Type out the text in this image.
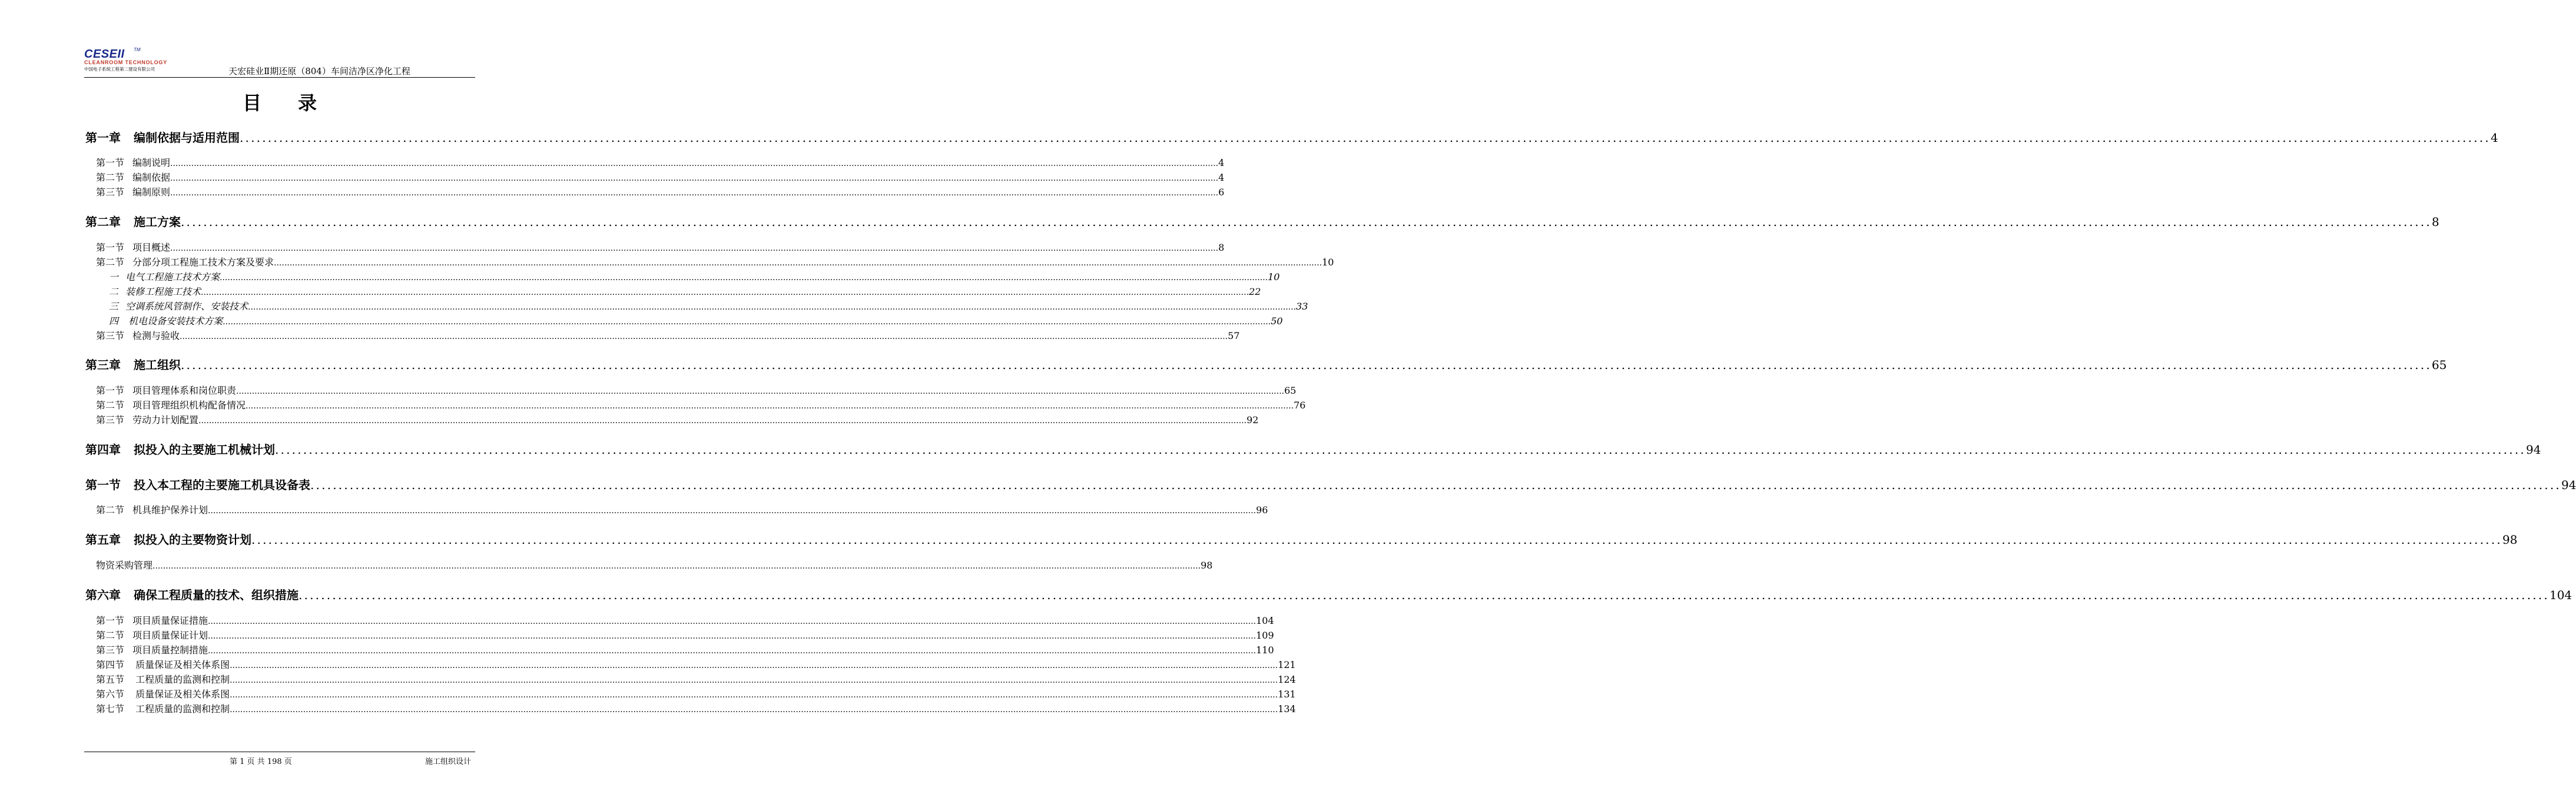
CESEII TM
CLEANROOM TECHNOLOGY
中国电子系统工程第二建设有限公司	天宏硅业Ⅱ期还原（804）车间洁净区净化工程
目录
第一章 编制依据与适用范围 ................................................................................................................................................................................................................................................................................................................................................................................................................ 4
第一节 编制说明 ................................................................................................................................................................................................................................................................................................................................................................................................................ 4
第二节 编制依据 ................................................................................................................................................................................................................................................................................................................................................................................................................ 4
第三节 编制原则 ................................................................................................................................................................................................................................................................................................................................................................................................................ 6
第二章 施工方案 ................................................................................................................................................................................................................................................................................................................................................................................................................ 8
第一节 项目概述 ................................................................................................................................................................................................................................................................................................................................................................................................................ 8
第二节 分部分项工程施工技术方案及要求 ................................................................................................................................................................................................................................................................................................................................................................................................................ 10
一 电气工程施工技术方案 ................................................................................................................................................................................................................................................................................................................................................................................................................ 10
二 装修工程施工技术 ................................................................................................................................................................................................................................................................................................................................................................................................................ 22
三 空调系统风管制作、安装技术 ................................................................................................................................................................................................................................................................................................................................................................................................................ 33
四 机电设备安装技术方案 ................................................................................................................................................................................................................................................................................................................................................................................................................ 50
第三节 检测与验收 ................................................................................................................................................................................................................................................................................................................................................................................................................ 57
第三章 施工组织 ................................................................................................................................................................................................................................................................................................................................................................................................................ 65
第一节 项目管理体系和岗位职责 ................................................................................................................................................................................................................................................................................................................................................................................................................ 65
第二节 项目管理组织机构配备情况 ................................................................................................................................................................................................................................................................................................................................................................................................................ 76
第三节 劳动力计划配置 ................................................................................................................................................................................................................................................................................................................................................................................................................ 92
第四章 拟投入的主要施工机械计划 ................................................................................................................................................................................................................................................................................................................................................................................................................ 94
第一节 投入本工程的主要施工机具设备表 ................................................................................................................................................................................................................................................................................................................................................................................................................ 94
第二节 机具维护保养计划 ................................................................................................................................................................................................................................................................................................................................................................................................................ 96
第五章 拟投入的主要物资计划 ................................................................................................................................................................................................................................................................................................................................................................................................................ 98
物资采购管理 ................................................................................................................................................................................................................................................................................................................................................................................................................ 98
第六章 确保工程质量的技术、组织措施 ................................................................................................................................................................................................................................................................................................................................................................................................................ 104
第一节 项目质量保证措施 ................................................................................................................................................................................................................................................................................................................................................................................................................ 104
第二节 项目质量保证计划 ................................................................................................................................................................................................................................................................................................................................................................................................................ 109
第三节 项目质量控制措施 ................................................................................................................................................................................................................................................................................................................................................................................................................ 110
第四节 质量保证及相关体系图 ................................................................................................................................................................................................................................................................................................................................................................................................................ 121
第五节 工程质量的监测和控制 ................................................................................................................................................................................................................................................................................................................................................................................................................ 124
第六节 质量保证及相关体系图 ................................................................................................................................................................................................................................................................................................................................................................................................................ 131
第七节 工程质量的监测和控制 ................................................................................................................................................................................................................................................................................................................................................................................................................ 134
第 1 页 共 198 页	施工组织设计
